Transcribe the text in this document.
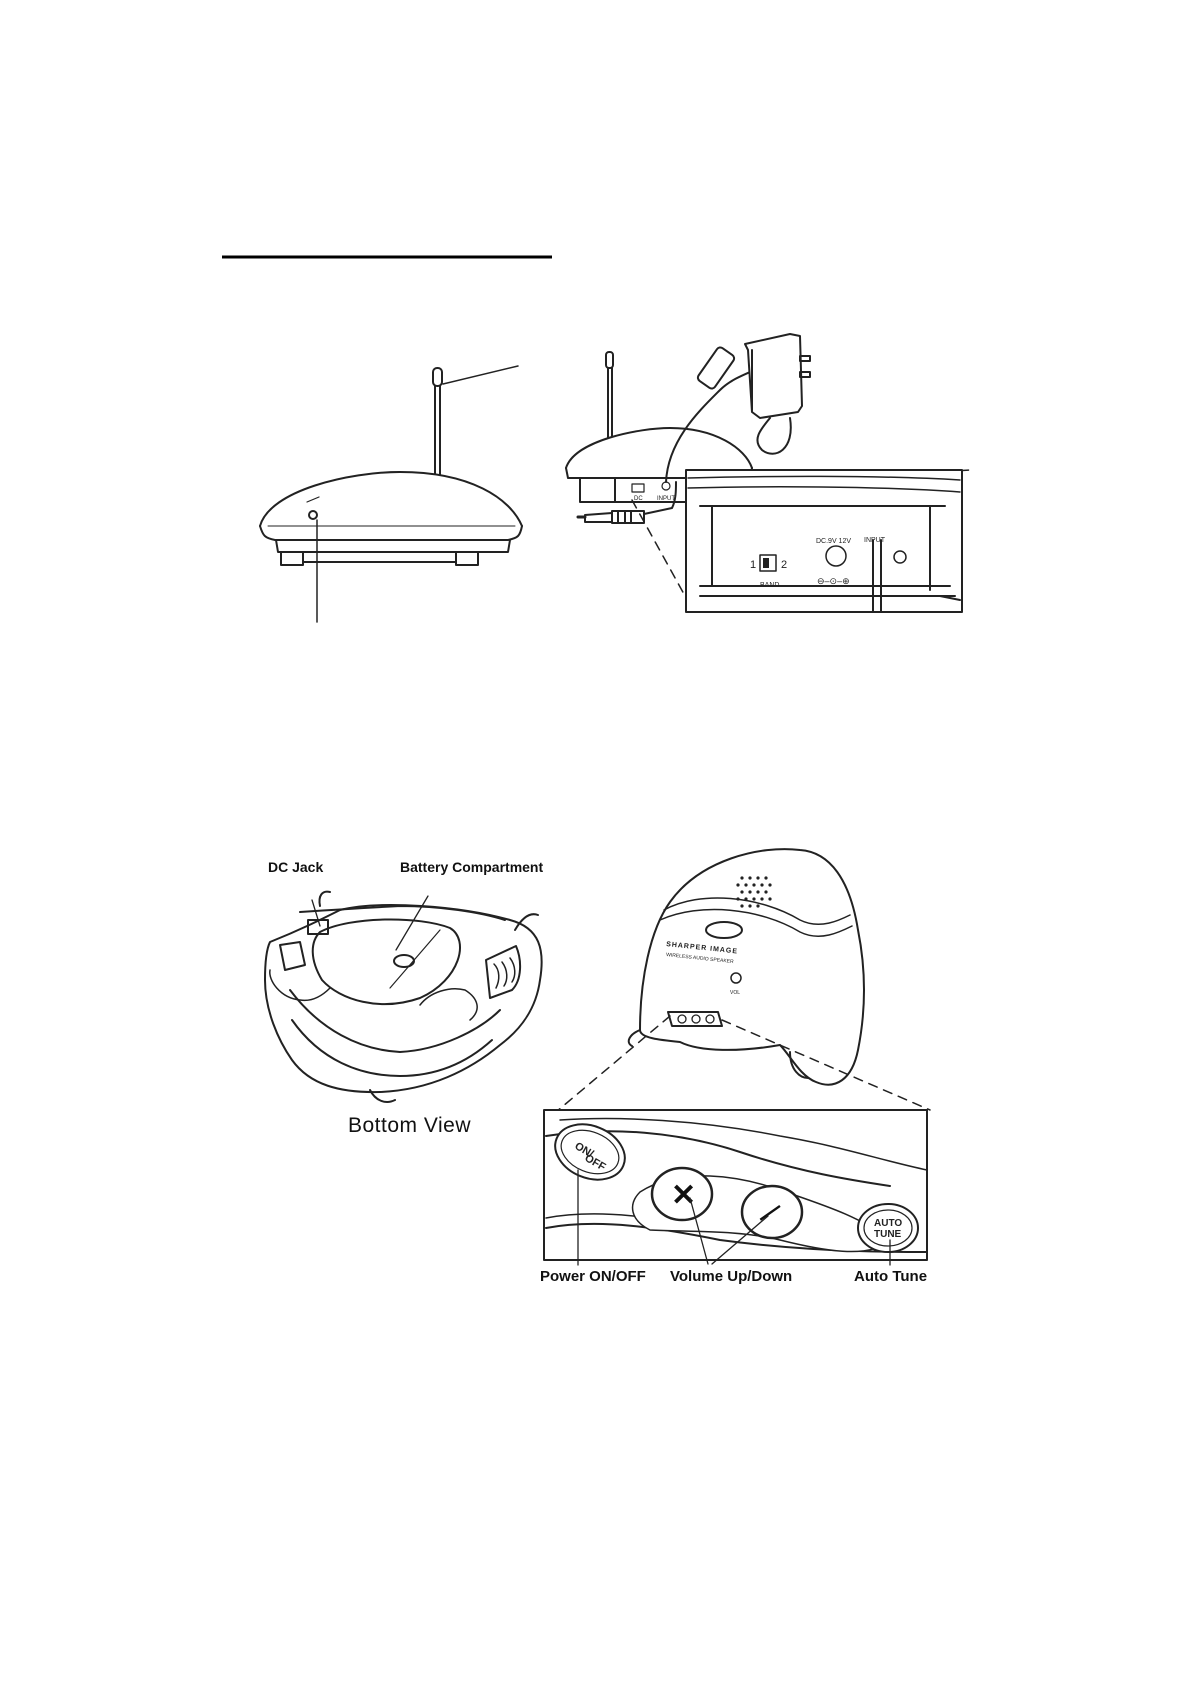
DC INPUT
1 2
BAND
DC.9V 12V
⊖–⊙–⊕
INPUT
SHARPER IMAGE
WIRELESS AUDIO SPEAKER
VOL
ON/
OFF
✕ —	AUTO
TUNE
DC Jack	Battery Compartment
Bottom View
Power ON/OFF Volume Up/Down	Auto Tune
